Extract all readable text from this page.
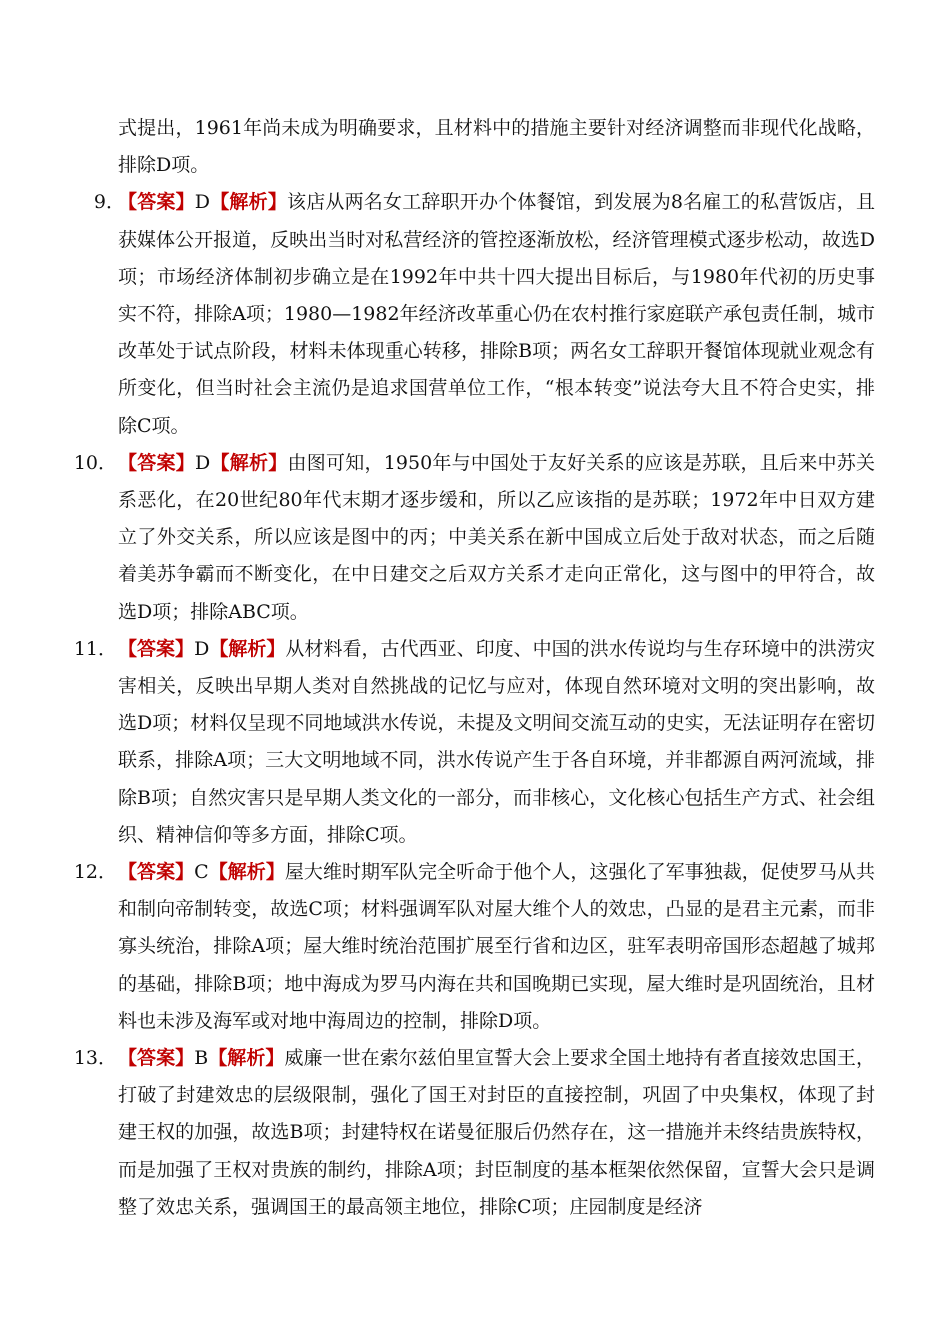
式提出，1961年尚未成为明确要求，且材料中的措施主要针对经济调整而非现代化战略，排除D项。
9．
【答案】D【解析】该店从两名女工辞职开办个体餐馆，到发展为8名雇工的私营饭店，且获媒体公开报道，反映出当时对私营经济的管控逐渐放松，经济管理模式逐步松动，故选D项；市场经济体制初步确立是在1992年中共十四大提出目标后，与1980年代初的历史事实不符，排除A项；1980—1982年经济改革重心仍在农村推行家庭联产承包责任制，城市改革处于试点阶段，材料未体现重心转移，排除B项；两名女工辞职开餐馆体现就业观念有所变化，但当时社会主流仍是追求国营单位工作，“根本转变”说法夸大且不符合史实，排除C项。
10． 【答案】D【解析】由图可知，1950年与中国处于友好关系的应该是苏联，且后来中苏关系恶化，在20世纪80年代末期才逐步缓和，所以乙应该指的是苏联；1972年中日双方建立了外交关系，所以应该是图中的丙；中美关系在新中国成立后处于敌对状态，而之后随着美苏争霸而不断变化，在中日建交之后双方关系才走向正常化，这与图中的甲符合，故选D项；排除ABC项。
11． 【答案】D【解析】从材料看，古代西亚、印度、中国的洪水传说均与生存环境中的洪涝灾害相关，反映出早期人类对自然挑战的记忆与应对，体现自然环境对文明的突出影响，故选D项；材料仅呈现不同地域洪水传说，未提及文明间交流互动的史实，无法证明存在密切联系，排除A项；三大文明地域不同，洪水传说产生于各自环境，并非都源自两河流域，排除B项；自然灾害只是早期人类文化的一部分，而非核心，文化核心包括生产方式、社会组织、精神信仰等多方面，排除C项。
12． 【答案】C【解析】屋大维时期军队完全听命于他个人，这强化了军事独裁，促使罗马从共和制向帝制转变，故选C项；材料强调军队对屋大维个人的效忠，凸显的是君主元素，而非寡头统治，排除A项；屋大维时统治范围扩展至行省和边区，驻军表明帝国形态超越了城邦的基础，排除B项；地中海成为罗马内海在共和国晚期已实现，屋大维时是巩固统治，且材料也未涉及海军或对地中海周边的控制，排除D项。
13． 【答案】B【解析】威廉一世在索尔兹伯里宣誓大会上要求全国土地持有者直接效忠国王，打破了封建效忠的层级限制，强化了国王对封臣的直接控制，巩固了中央集权，体现了封建王权的加强，故选B项；封建特权在诺曼征服后仍然存在，这一措施并未终结贵族特权，而是加强了王权对贵族的制约，排除A项；封臣制度的基本框架依然保留，宣誓大会只是调整了效忠关系，强调国王的最高领主地位，排除C项；庄园制度是经济
